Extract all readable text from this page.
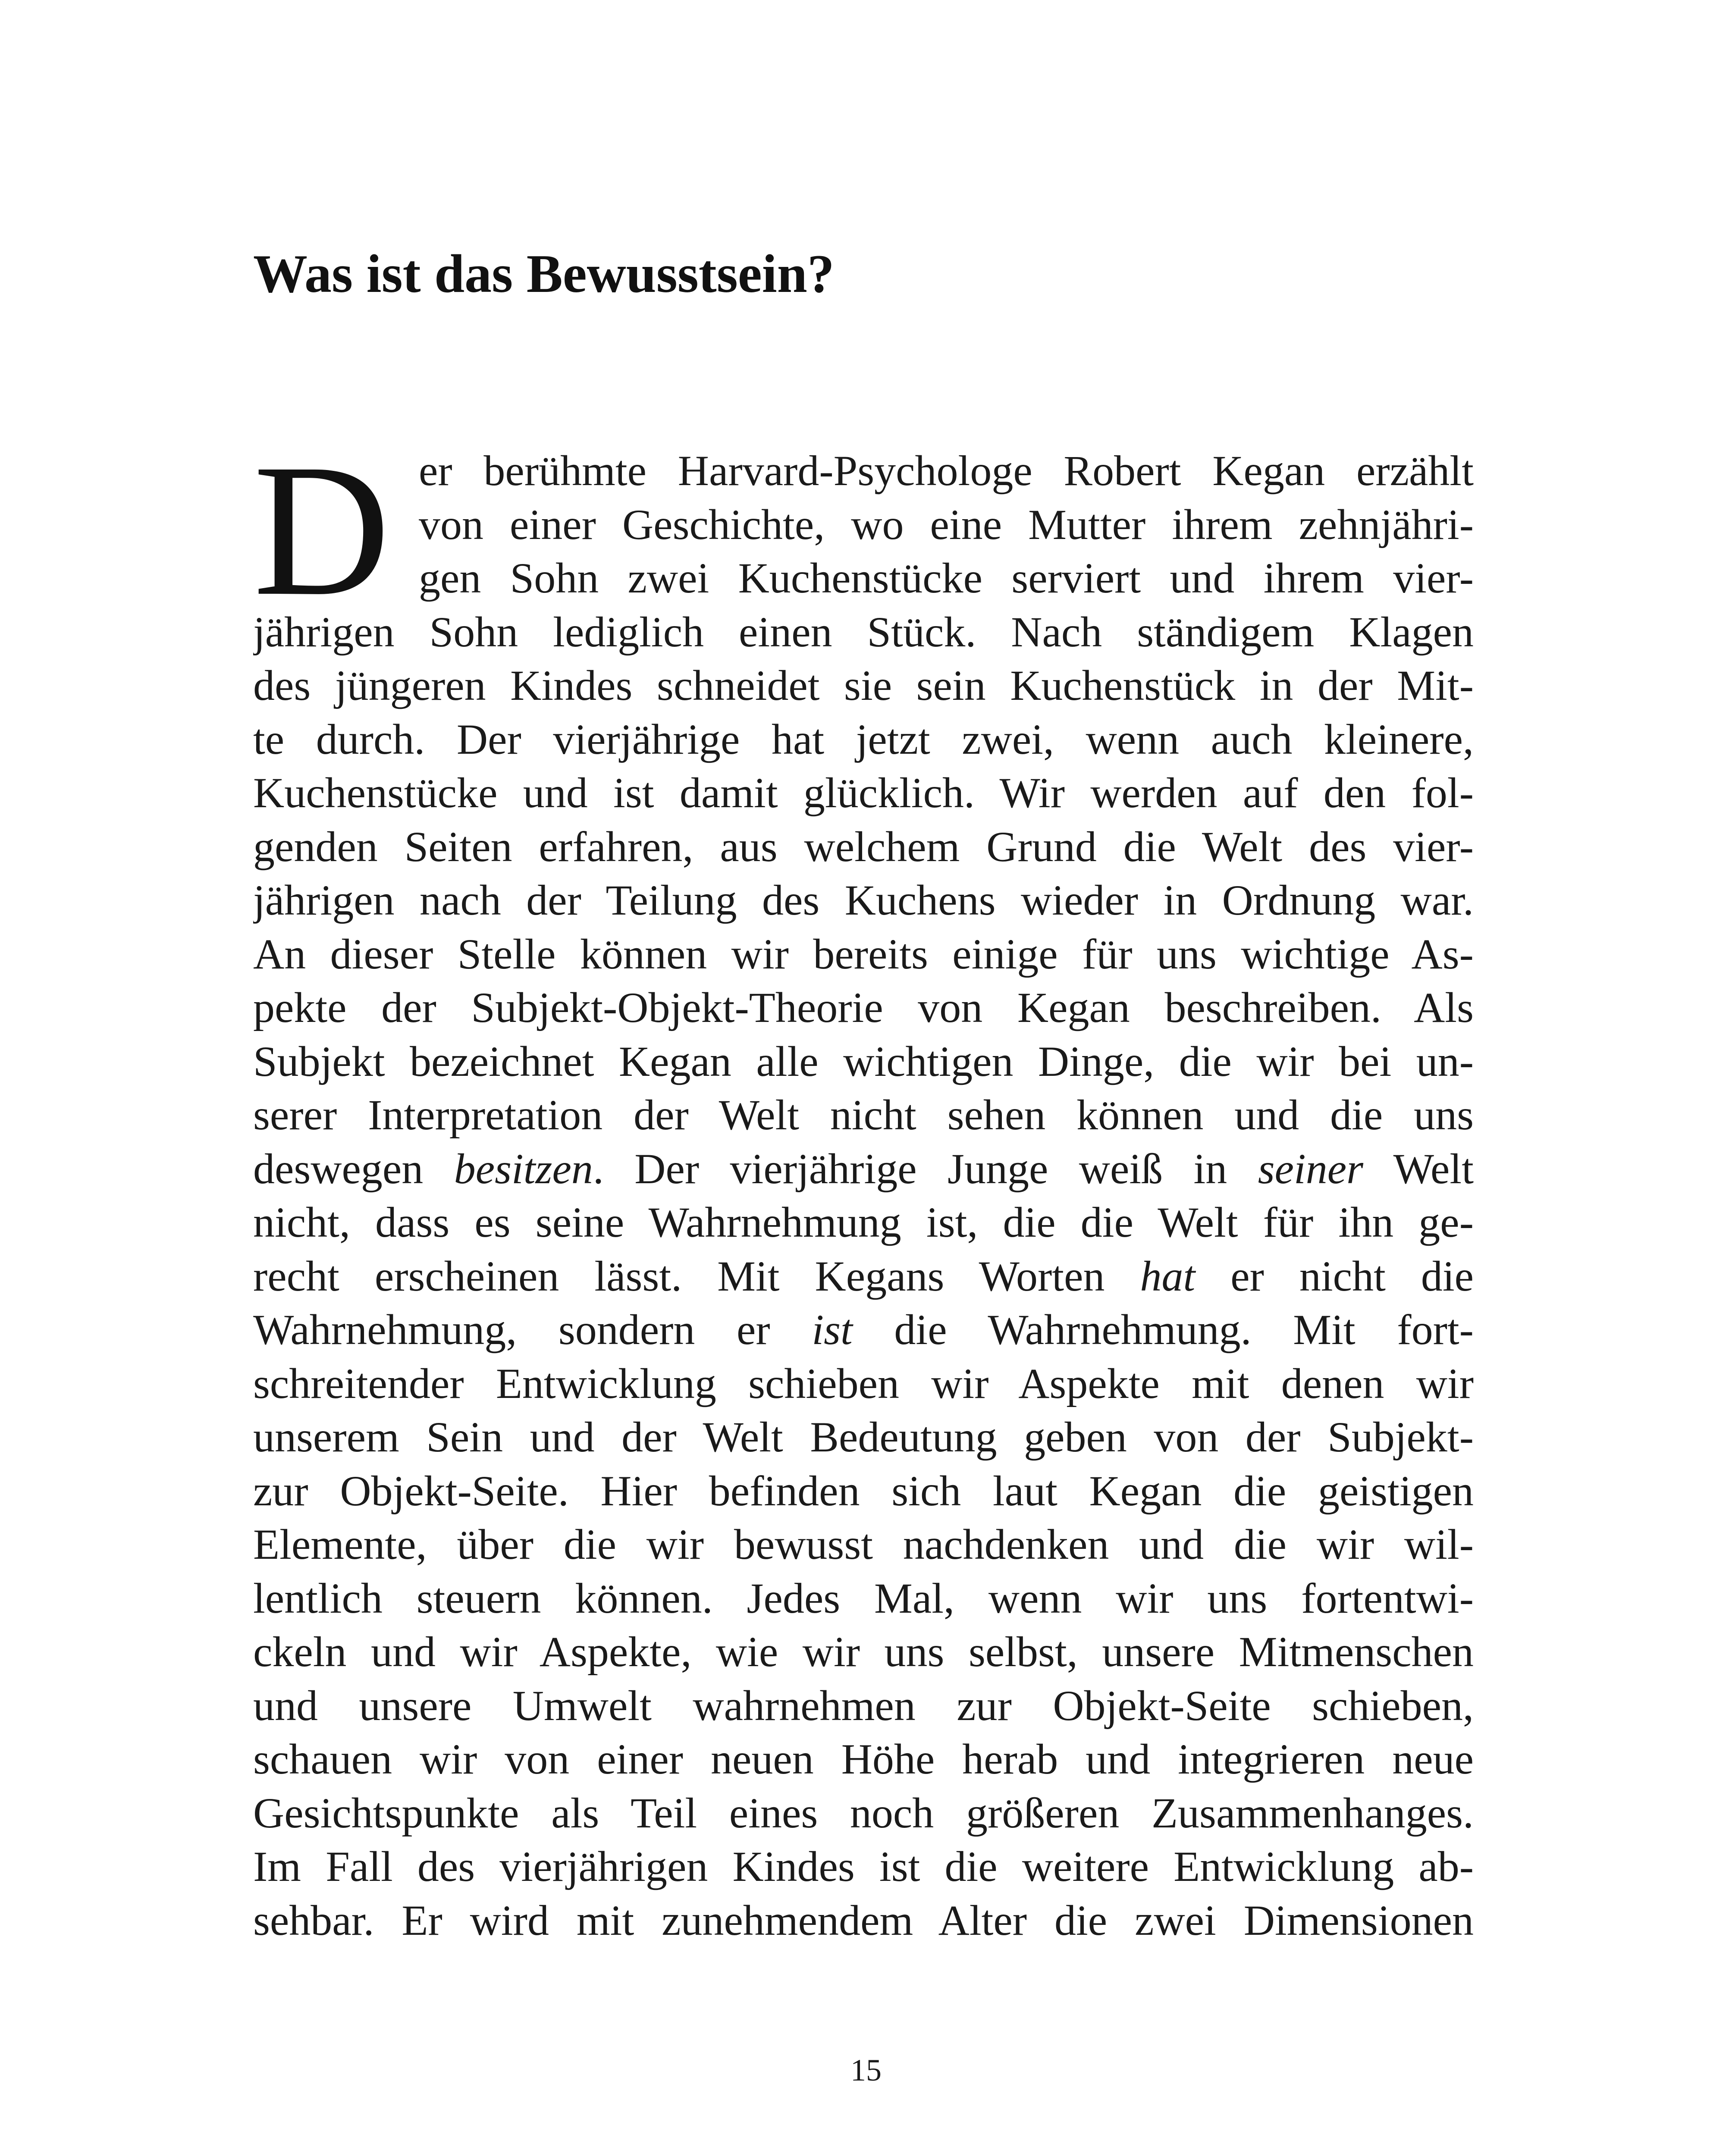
Was ist das Bewusstsein?
D er berühmte Harvard-Psychologe Robert Kegan erzählt
von einer Geschichte, wo eine Mutter ihrem zehnjähri-
gen Sohn zwei Kuchenstücke serviert und ihrem vier-
jährigen Sohn lediglich einen Stück. Nach ständigem Klagen
des jüngeren Kindes schneidet sie sein Kuchenstück in der Mit-
te durch. Der vierjährige hat jetzt zwei, wenn auch kleinere,
Kuchenstücke und ist damit glücklich. Wir werden auf den fol-
genden Seiten erfahren, aus welchem Grund die Welt des vier-
jährigen nach der Teilung des Kuchens wieder in Ordnung war.
An dieser Stelle können wir bereits einige für uns wichtige As-
pekte der Subjekt-Objekt-Theorie von Kegan beschreiben. Als
Subjekt bezeichnet Kegan alle wichtigen Dinge, die wir bei un-
serer Interpretation der Welt nicht sehen können und die uns
deswegen besitzen. Der vierjährige Junge weiß in seiner Welt
nicht, dass es seine Wahrnehmung ist, die die Welt für ihn ge-
recht erscheinen lässt. Mit Kegans Worten hat er nicht die
Wahrnehmung, sondern er ist die Wahrnehmung. Mit fort-
schreitender Entwicklung schieben wir Aspekte mit denen wir
unserem Sein und der Welt Bedeutung geben von der Subjekt-
zur Objekt-Seite. Hier befinden sich laut Kegan die geistigen
Elemente, über die wir bewusst nachdenken und die wir wil-
lentlich steuern können. Jedes Mal, wenn wir uns fortentwi-
ckeln und wir Aspekte, wie wir uns selbst, unsere Mitmenschen
und unsere Umwelt wahrnehmen zur Objekt-Seite schieben,
schauen wir von einer neuen Höhe herab und integrieren neue
Gesichtspunkte als Teil eines noch größeren Zusammenhanges.
Im Fall des vierjährigen Kindes ist die weitere Entwicklung ab-
sehbar. Er wird mit zunehmendem Alter die zwei Dimensionen
15
